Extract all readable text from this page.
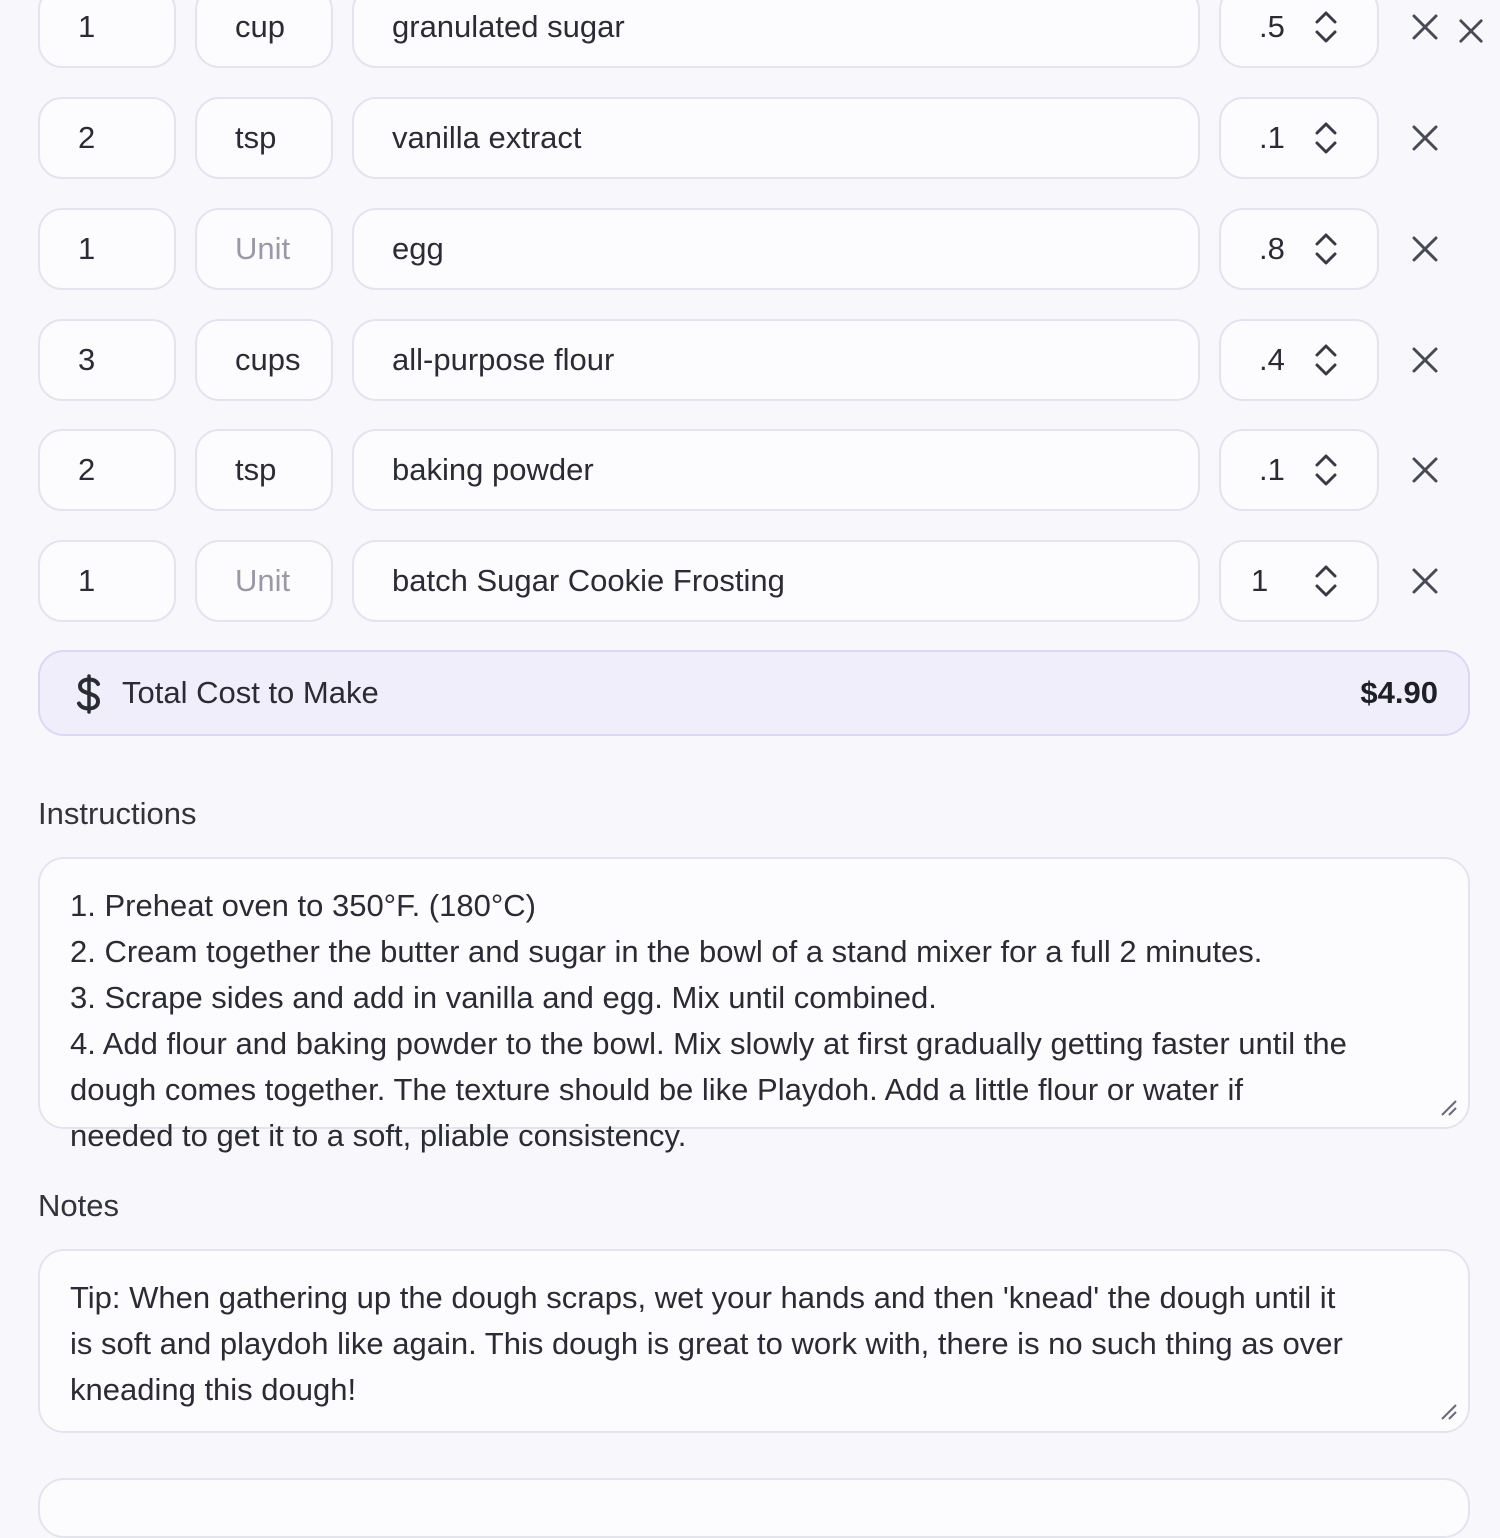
1	cup	granulated sugar	.5
2	tsp	vanilla extract	.1
1	Unit	egg	.8
3	cups	all-purpose flour	.4
2	tsp	baking powder	.1
1	Unit	batch Sugar Cookie Frosting	1
Total Cost to Make	$4.90
Instructions
1. Preheat oven to 350°F. (180°C)
2. Cream together the butter and sugar in the bowl of a stand mixer for a full 2 minutes.
3. Scrape sides and add in vanilla and egg. Mix until combined.
4. Add flour and baking powder to the bowl. Mix slowly at first gradually getting faster until the
dough comes together. The texture should be like Playdoh. Add a little flour or water if
needed to get it to a soft, pliable consistency.
Notes
Tip: When gathering up the dough scraps, wet your hands and then 'knead' the dough until it
is soft and playdoh like again. This dough is great to work with, there is no such thing as over
kneading this dough!
